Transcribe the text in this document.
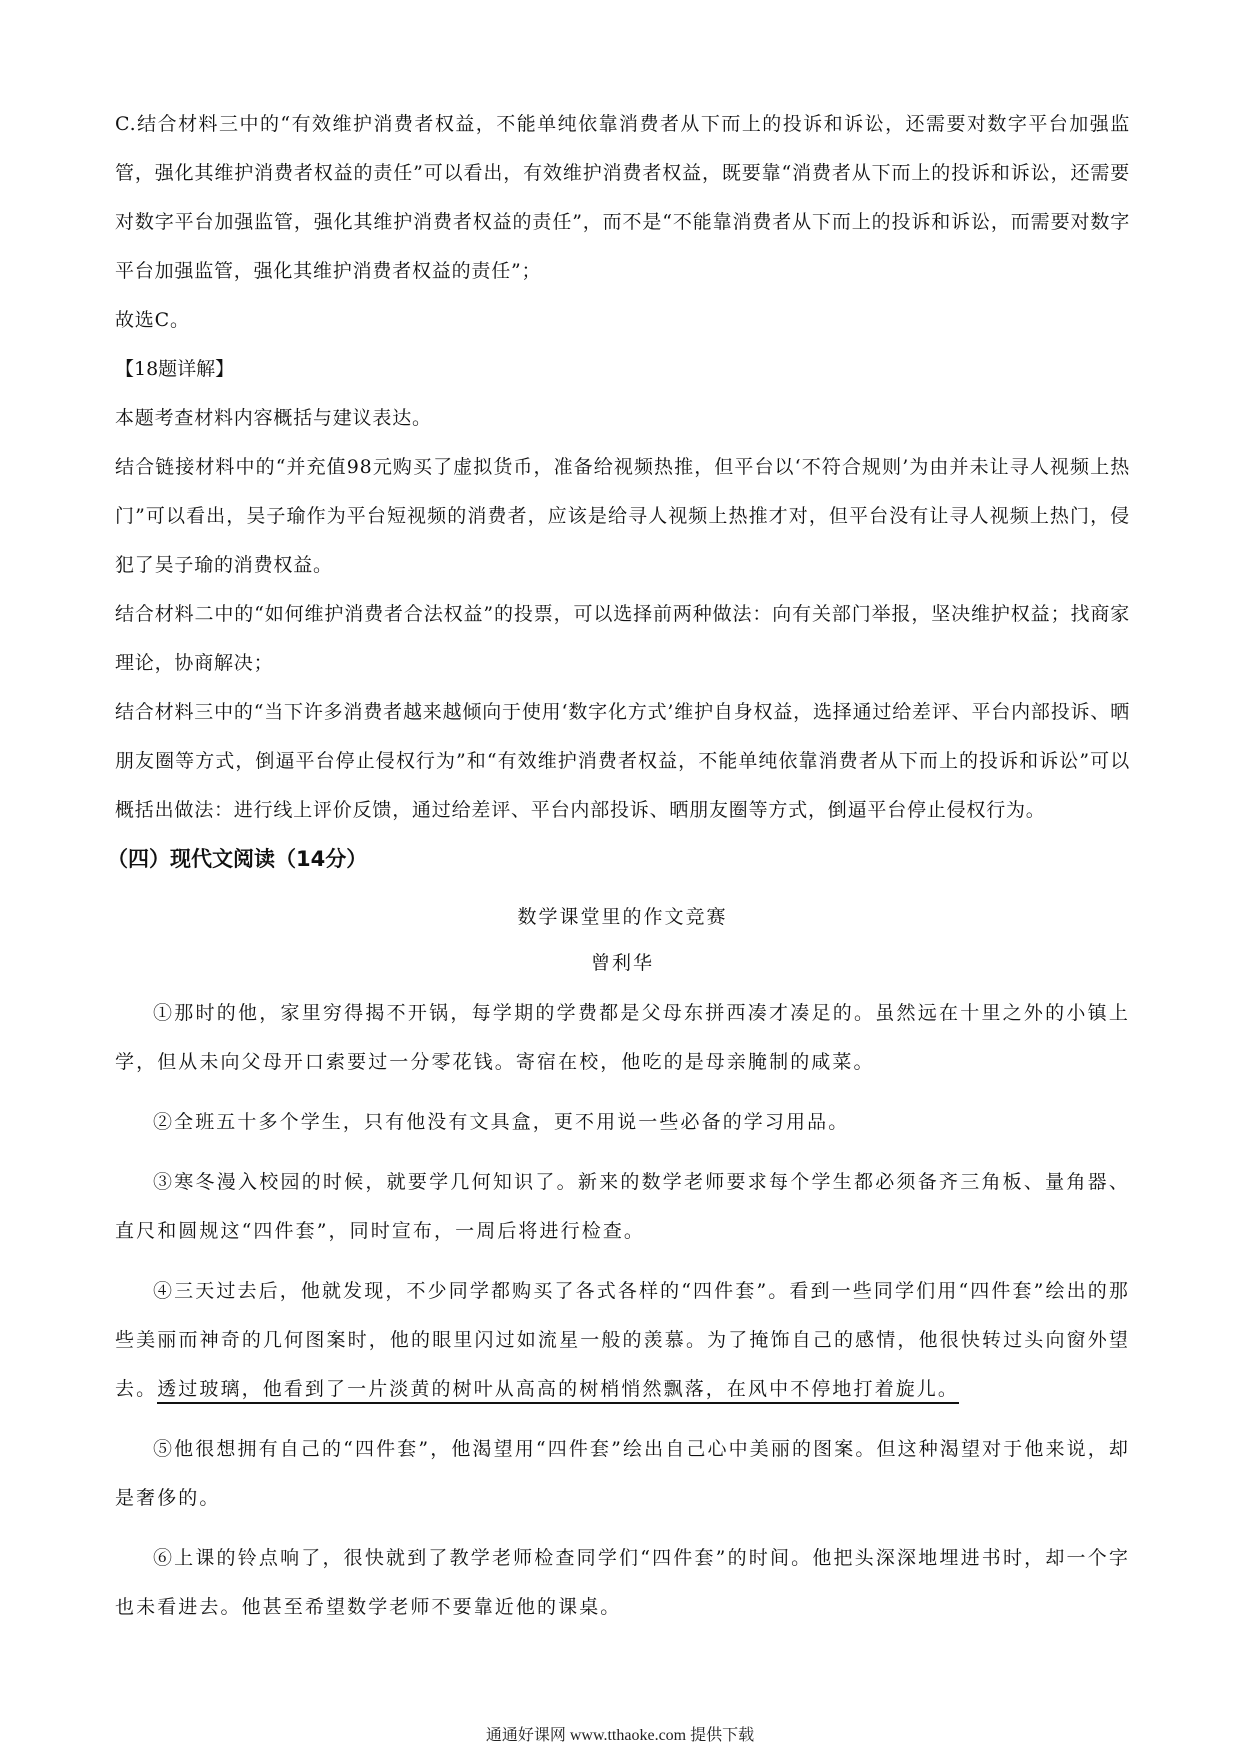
C.结合材料三中的“有效维护消费者权益，不能单纯依靠消费者从下而上的投诉和诉讼，还需要对数字平台加强监管，强化其维护消费者权益的责任”可以看出，有效维护消费者权益，既要靠“消费者从下而上的投诉和诉讼，还需要对数字平台加强监管，强化其维护消费者权益的责任”，而不是“不能靠消费者从下而上的投诉和诉讼，而需要对数字平台加强监管，强化其维护消费者权益的责任”；

故选C。

【18题详解】

本题考查材料内容概括与建议表达。

结合链接材料中的“并充值98元购买了虚拟货币，准备给视频热推，但平台以‘不符合规则’为由并未让寻人视频上热门”可以看出，吴子瑜作为平台短视频的消费者，应该是给寻人视频上热推才对，但平台没有让寻人视频上热门，侵犯了吴子瑜的消费权益。

结合材料二中的“如何维护消费者合法权益”的投票，可以选择前两种做法：向有关部门举报，坚决维护权益；找商家理论，协商解决；

结合材料三中的“当下许多消费者越来越倾向于使用‘数字化方式’维护自身权益，选择通过给差评、平台内部投诉、晒朋友圈等方式，倒逼平台停止侵权行为”和“有效维护消费者权益，不能单纯依靠消费者从下而上的投诉和诉讼”可以概括出做法：进行线上评价反馈，通过给差评、平台内部投诉、晒朋友圈等方式，倒逼平台停止侵权行为。

（四）现代文阅读（14分）
数学课堂里的作文竞赛
曾利华

①那时的他，家里穷得揭不开锅，每学期的学费都是父母东拼西凑才凑足的。虽然远在十里之外的小镇上学，但从未向父母开口索要过一分零花钱。寄宿在校，他吃的是母亲腌制的咸菜。

②全班五十多个学生，只有他没有文具盒，更不用说一些必备的学习用品。

③寒冬漫入校园的时候，就要学几何知识了。新来的数学老师要求每个学生都必须备齐三角板、量角器、直尺和圆规这“四件套”，同时宣布，一周后将进行检查。

④三天过去后，他就发现，不少同学都购买了各式各样的“四件套”。看到一些同学们用“四件套”绘出的那些美丽而神奇的几何图案时，他的眼里闪过如流星一般的羡慕。为了掩饰自己的感情，他很快转过头向窗外望去。透过玻璃，他看到了一片淡黄的树叶从高高的树梢悄然飘落，在风中不停地打着旋儿。

⑤他很想拥有自己的“四件套”，他渴望用“四件套”绘出自己心中美丽的图案。但这种渴望对于他来说，却是奢侈的。

⑥上课的铃点响了，很快就到了教学老师检查同学们“四件套”的时间。他把头深深地埋进书时，却一个字也未看进去。他甚至希望数学老师不要靠近他的课桌。

通通好课网 www.tthaoke.com 提供下载
